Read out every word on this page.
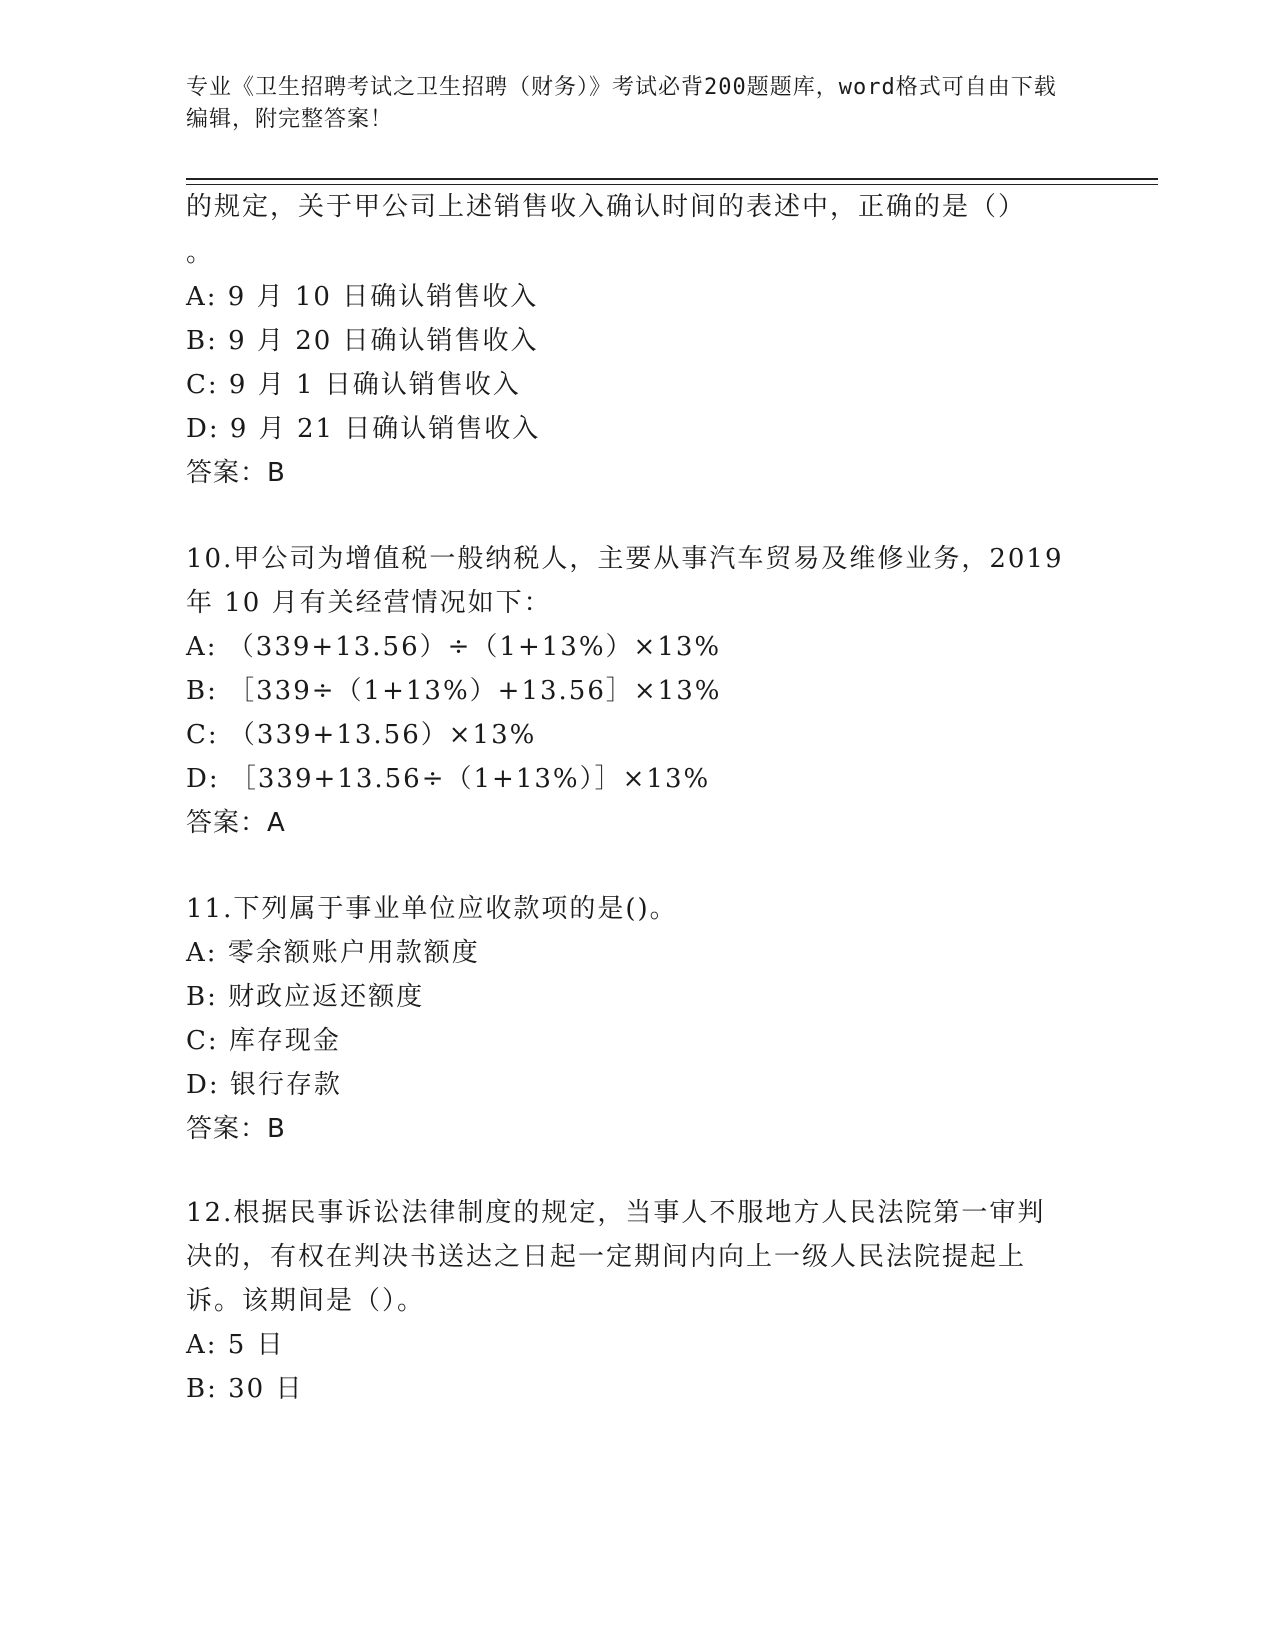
专业《卫生招聘考试之卫生招聘（财务）》考试必背200题题库，word格式可自由下载编辑，附完整答案！
的规定，关于甲公司上述销售收入确认时间的表述中，正确的是（）
。
A: 9 月 10 日确认销售收入
B: 9 月 20 日确认销售收入
C: 9 月 1 日确认销售收入
D: 9 月 21 日确认销售收入
答案：B
10.甲公司为增值税一般纳税人，主要从事汽车贸易及维修业务，2019
年 10 月有关经营情况如下：
A: （339+13.56）÷（1+13%）×13%
B: ［339÷（1+13%）+13.56］×13%
C: （339+13.56）×13%
D: ［339+13.56÷（1+13%）］×13%
答案：A
11.下列属于事业单位应收款项的是()。
A: 零余额账户用款额度
B: 财政应返还额度
C: 库存现金
D: 银行存款
答案：B
12.根据民事诉讼法律制度的规定，当事人不服地方人民法院第一审判
决的，有权在判决书送达之日起一定期间内向上一级人民法院提起上
诉。该期间是（）。
A: 5 日
B: 30 日
